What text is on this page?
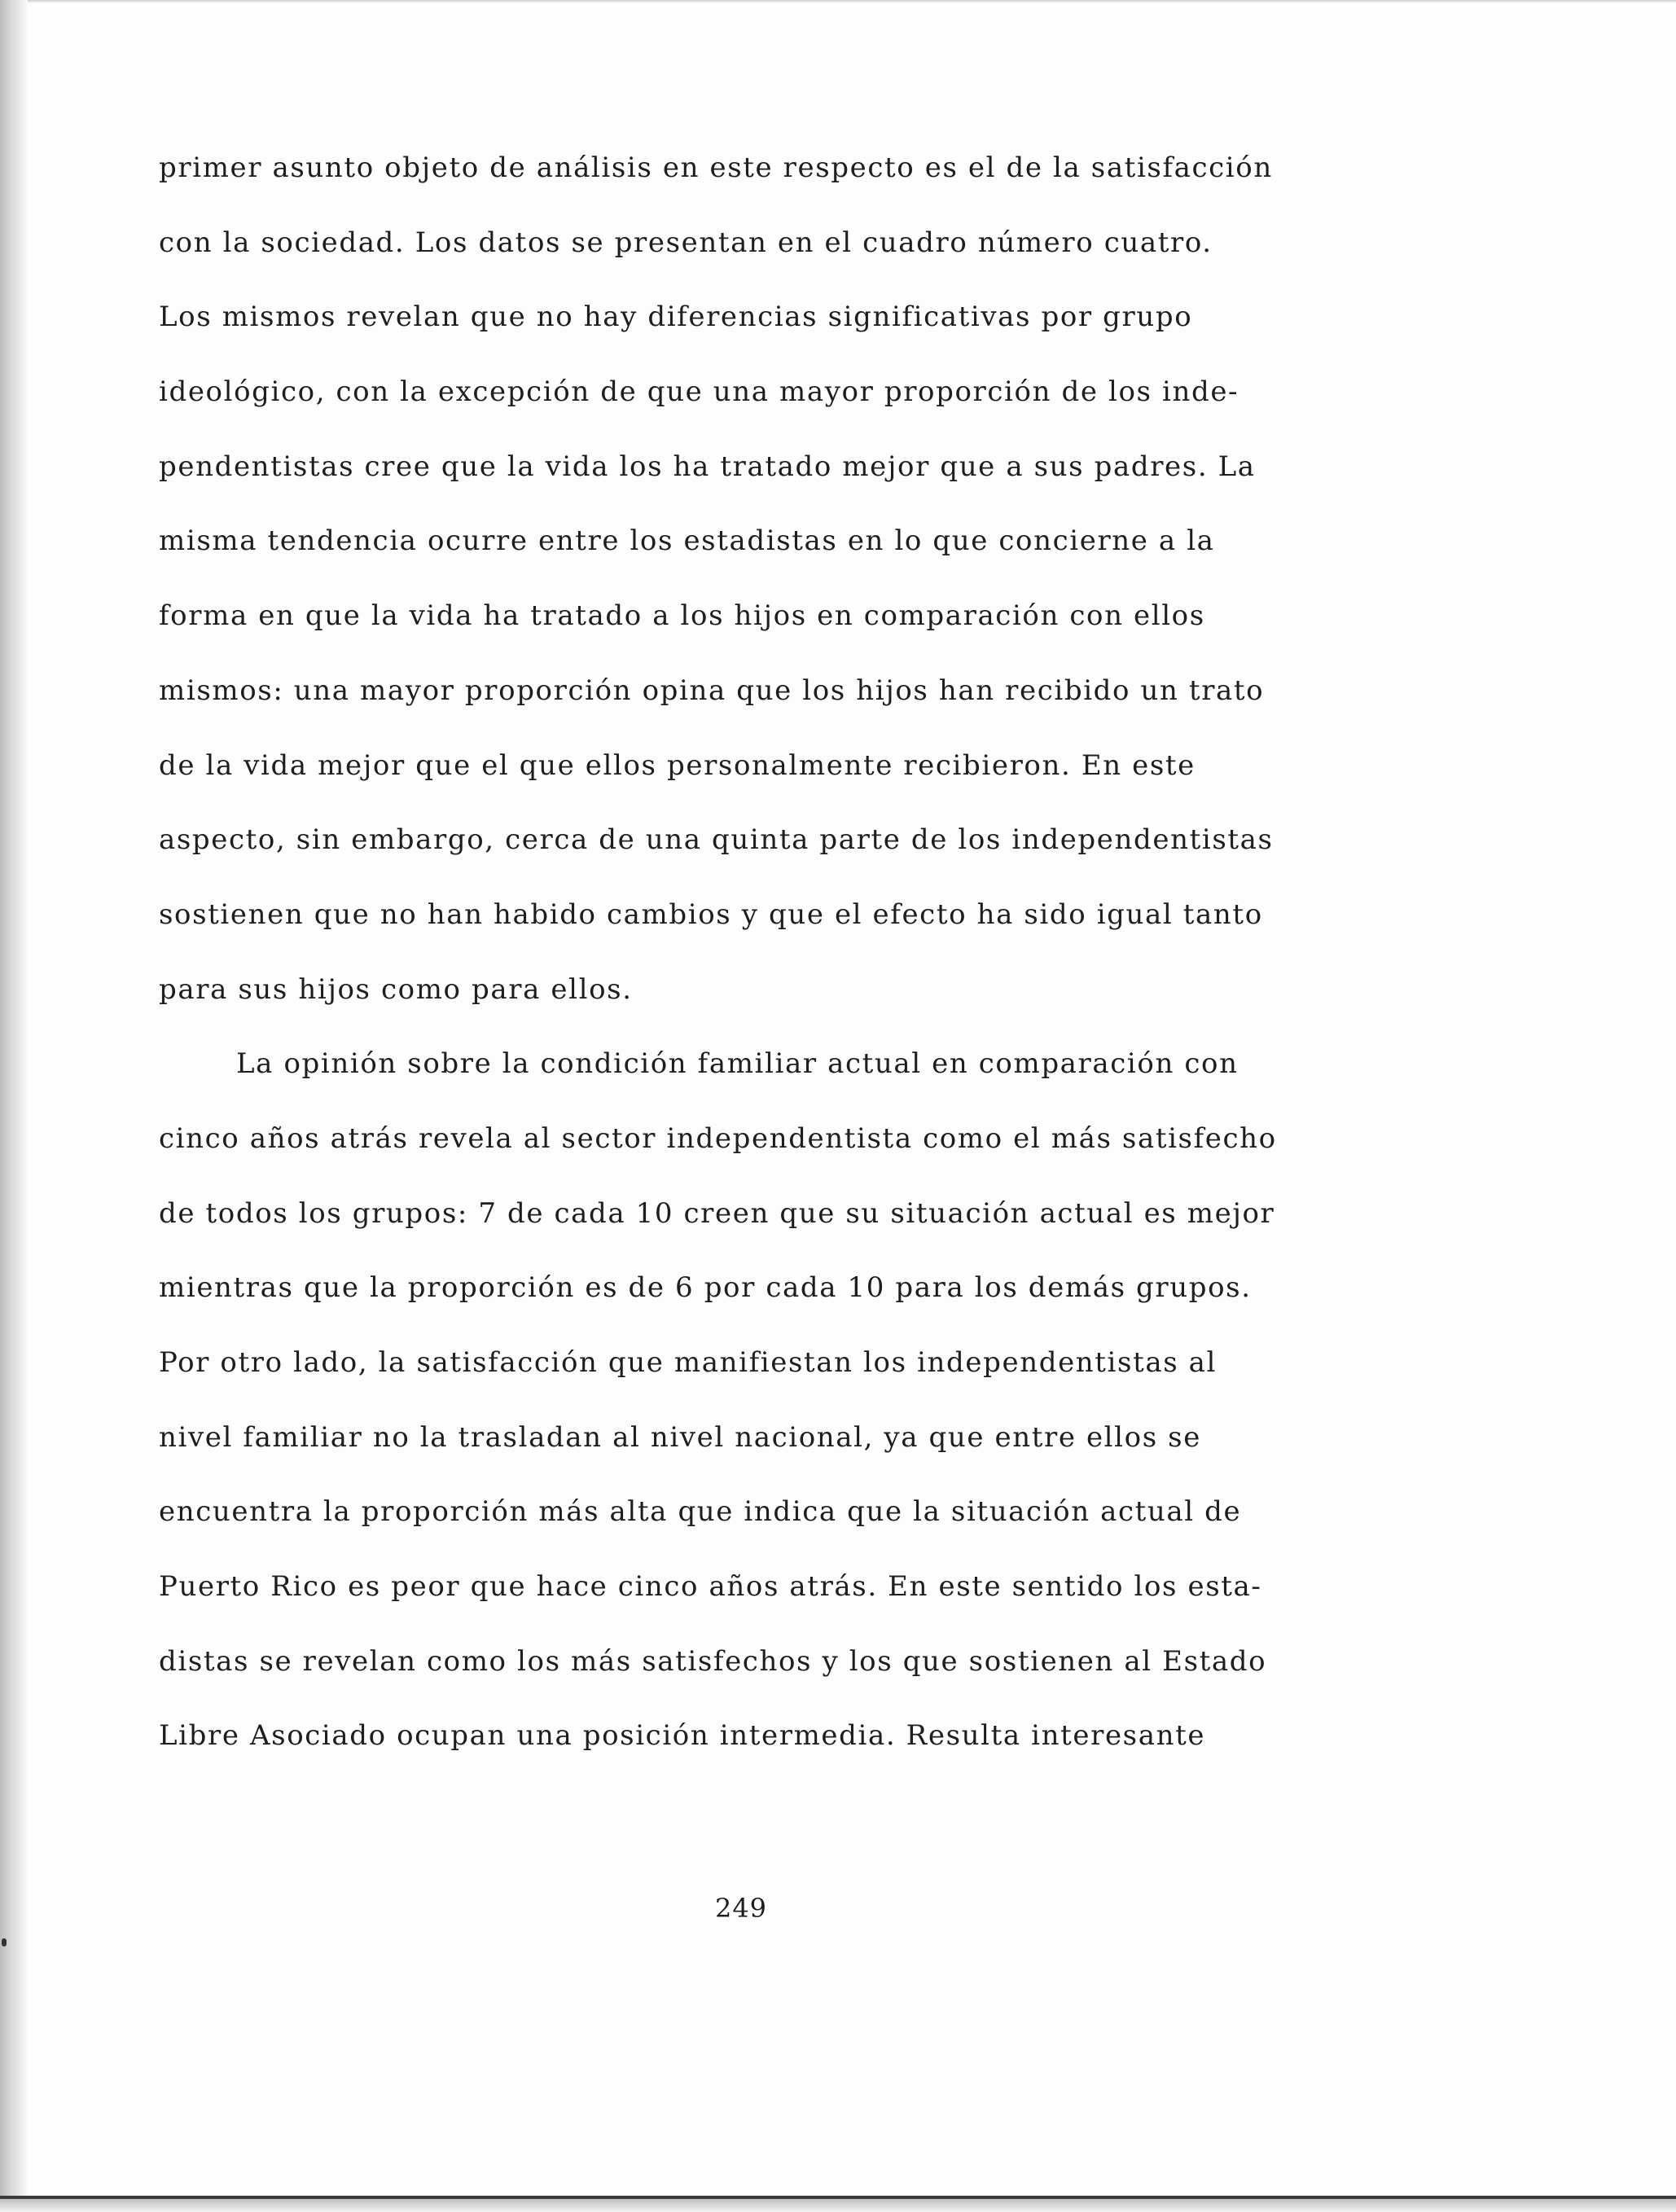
primer asunto objeto de análisis en este respecto es el de la satisfacción
con la sociedad. Los datos se presentan en el cuadro número cuatro.
Los mismos revelan que no hay diferencias significativas por grupo
ideológico, con la excepción de que una mayor proporción de los inde-
pendentistas cree que la vida los ha tratado mejor que a sus padres. La
misma tendencia ocurre entre los estadistas en lo que concierne a la
forma en que la vida ha tratado a los hijos en comparación con ellos
mismos: una mayor proporción opina que los hijos han recibido un trato
de la vida mejor que el que ellos personalmente recibieron. En este
aspecto, sin embargo, cerca de una quinta parte de los independentistas
sostienen que no han habido cambios y que el efecto ha sido igual tanto
para sus hijos como para ellos.
La opinión sobre la condición familiar actual en comparación con
cinco años atrás revela al sector independentista como el más satisfecho
de todos los grupos: 7 de cada 10 creen que su situación actual es mejor
mientras que la proporción es de 6 por cada 10 para los demás grupos.
Por otro lado, la satisfacción que manifiestan los independentistas al
nivel familiar no la trasladan al nivel nacional, ya que entre ellos se
encuentra la proporción más alta que indica que la situación actual de
Puerto Rico es peor que hace cinco años atrás. En este sentido los esta-
distas se revelan como los más satisfechos y los que sostienen al Estado
Libre Asociado ocupan una posición intermedia. Resulta interesante
249
